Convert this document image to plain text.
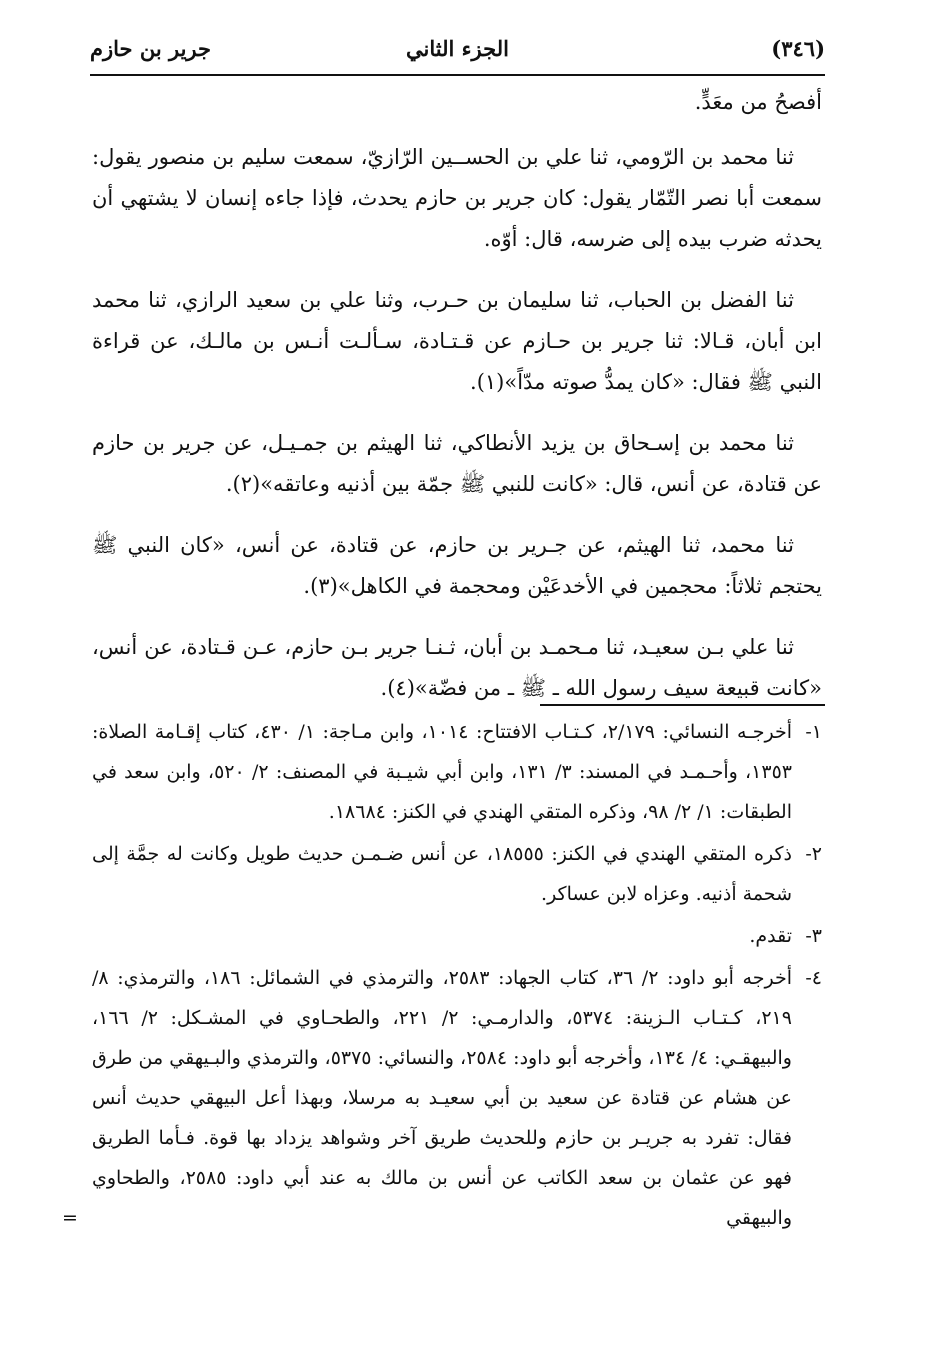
(٣٤٦)
الجزء الثاني
جرير بن حازم

أفصحُ من معَدٍّ.

ثنا محمد بن الرّومي، ثنا علي بن الحســين الرّازيّ، سمعت سليم بن منصور يقول: سمعت أبا نصر التّمّار يقول: كان جرير بن حازم يحدث، فإذا جاءه إنسان لا يشتهي أن يحدثه ضرب بيده إلى ضرسه، قال: أوّه.

ثنا الفضل بن الحباب، ثنا سليمان بن حـرب، وثنا علي بن سعيد الرازي، ثنا محمد ابن أبان، قـالا: ثنا جرير بن حـازم عن قـتـادة، سـألـت أنـس بن مالـك، عن قراءة النبي ﷺ فقال: «كان يمدُّ صوته مدّاً»(١).

ثنا محمد بن إسـحاق بن يزيد الأنطاكي، ثنا الهيثم بن جمـيـل، عن جرير بن حازم عن قتادة، عن أنس، قال: «كانت للنبي ﷺ جمّة بين أذنيه وعاتقه»(٢).

ثنا محمد، ثنا الهيثم، عن جـرير بن حازم، عن قتادة، عن أنس، «كان النبي ﷺ يحتجم ثلاثاً: محجمين في الأخدعَيْن ومحجمة في الكاهل»(٣).

ثنا علي بـن سعيـد، ثنا مـحمـد بن أبان، ثـنـا جرير بـن حازم، عـن قـتادة، عن أنس، «كانت قبيعة سيف رسول الله ـ ﷺ ـ من فضّة»(٤).

١-
أخرجـه النسائي: ٢/١٧٩، كـتـاب الافتتاح: ١٠١٤، وابن مـاجة: ١/ ٤٣٠، كتاب إقـامة الصلاة: ١٣٥٣، وأحـمـد في المسند: ٣/ ١٣١، وابن أبي شيـبة في المصنف: ٢/ ٥٢٠، وابن سعد في الطبقات: ١/ ٢/ ٩٨، وذكره المتقي الهندي في الكنز: ١٨٦٨٤.
٢-
ذكره المتقي الهندي في الكنز: ١٨٥٥٥، عن أنس ضـمـن حديث طويل وكانت له جمَّة إلى شحمة أذنيه. وعزاه لابن عساكر.
٣-
تقدم.
٤-
أخرجه أبو داود: ٢/ ٣٦، كتاب الجهاد: ٢٥٨٣، والترمذي في الشمائل: ١٨٦، والترمذي: ٨/ ٢١٩، كـتـاب الـزينة: ٥٣٧٤، والدارمـي: ٢/ ٢٢١، والطحـاوي في المشـكل: ٢/ ١٦٦، والبيهقـي: ٤/ ١٣٤، وأخرجه أبو داود: ٢٥٨٤، والنسائي: ٥٣٧٥، والترمذي والبـيهقي من طرق عن هشام عن قتادة عن سعيد بن أبي سعيـد به مرسلا، وبهذا أعل البيهقي حديث أنس فقال: تفرد به جريـر بن حازم وللحديث طريق آخر وشواهد يزداد بها قوة. فـأما الطريق فهو عن عثمان بن سعد الكاتب عن أنس بن مالك به عند أبي داود: ٢٥٨٥، والطحاوي والبيهقي
=
